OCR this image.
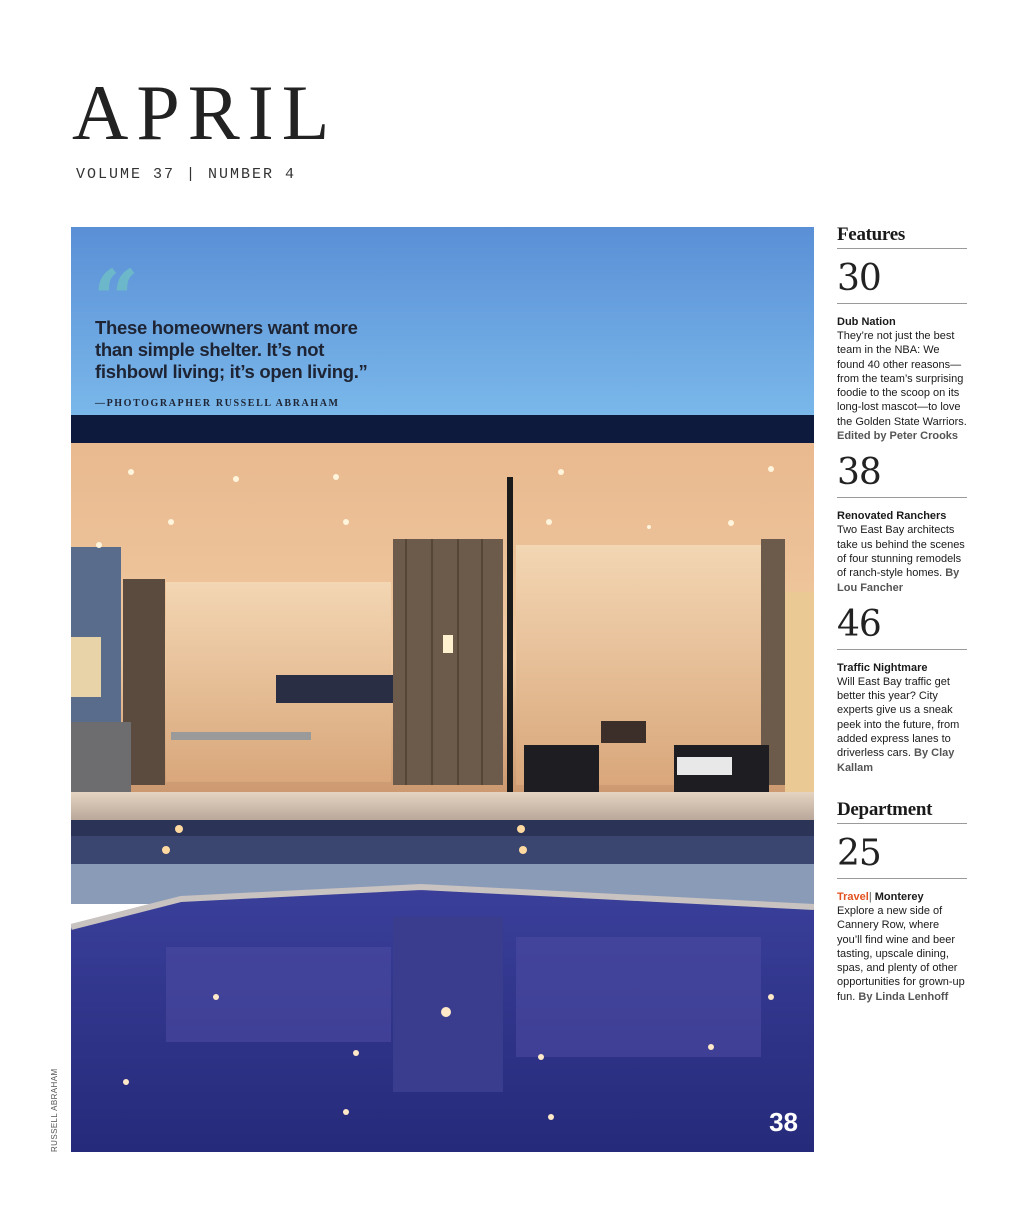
APRIL
VOLUME 37 | NUMBER 4
“
These homeowners want more than simple shelter. It’s not fishbowl living; it’s open living.”
—PHOTOGRAPHER RUSSELL ABRAHAM
38
RUSSELL ABRAHAM
Features
30
Dub Nation
They’re not just the best team in the NBA: We found 40 other reasons—from the team’s surprising foodie to the scoop on its long-lost mascot—to love the Golden State Warriors. Edited by Peter Crooks
38
Renovated Ranchers
Two East Bay architects take us behind the scenes of four stunning remodels of ranch-style homes. By Lou Fancher
46
Traffic Nightmare
Will East Bay traffic get better this year? City experts give us a sneak peek into the future, from added express lanes to driverless cars. By Clay Kallam
Department
25
Travel| Monterey
Explore a new side of Cannery Row, where you’ll find wine and beer tasting, upscale dining, spas, and plenty of other opportunities for grown-up fun. By Linda Lenhoff
